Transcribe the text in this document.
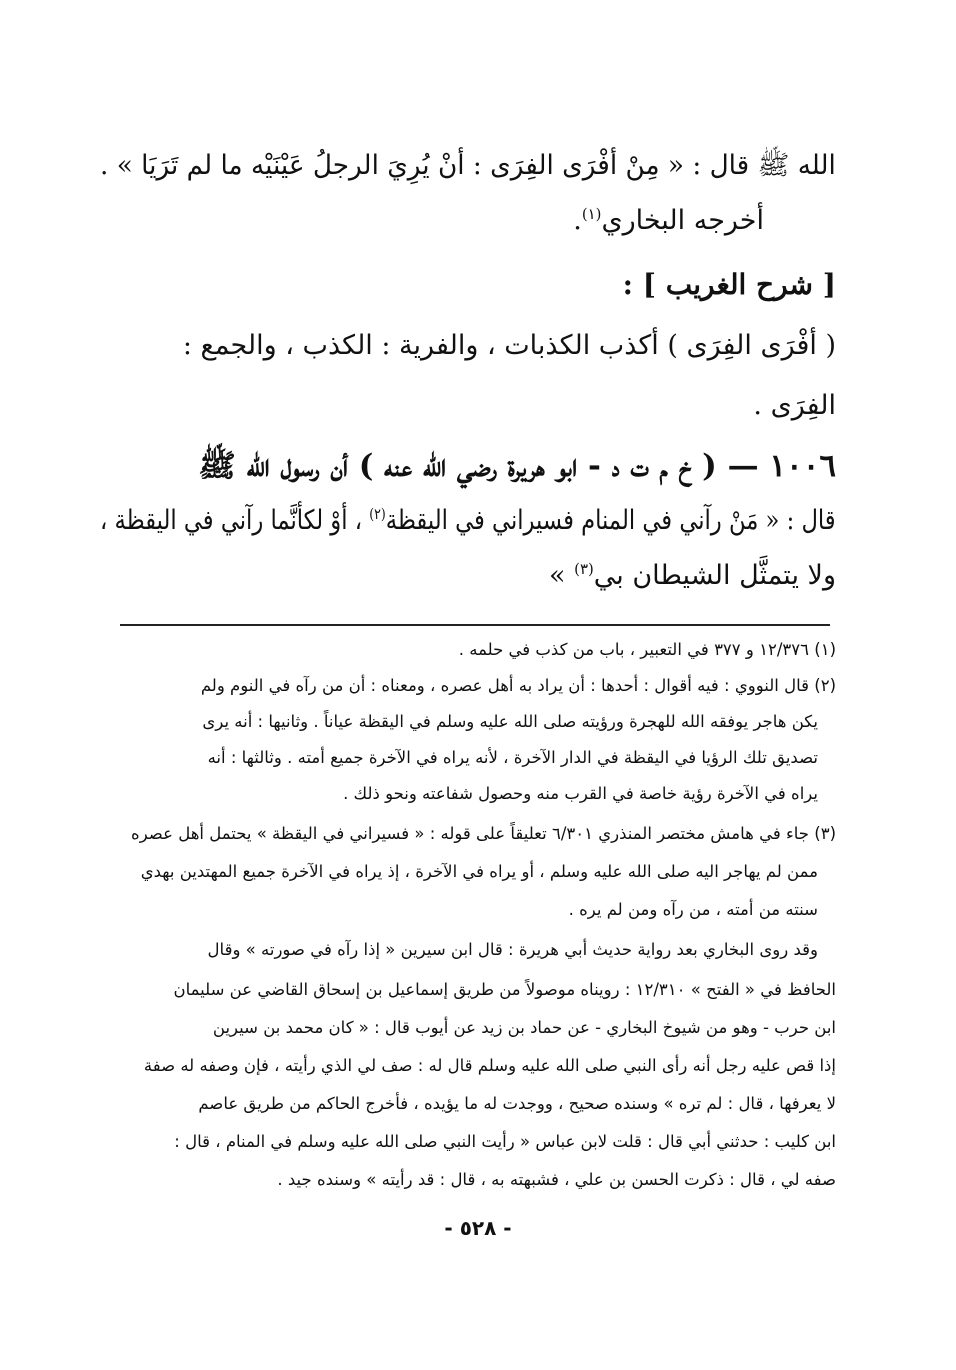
الله ﷺ قال : « مِنْ أفْرَى الفِرَى : أنْ يُرِيَ الرجلُ عَيْنَيْه ما لم تَرَيَا » .
أخرجه البخاري$^{(١)}$.
[ شرح الغريب ] :
( أفْرَى الفِرَى ) أكذب الكذبات ، والفرية : الكذب ، والجمع :
الفِرَى .
١٠٠٦ — ( خ م ت د - ابو هريرة رضي الله عنه ) أن رسول الله ﷺ
قال : « مَنْ رآني في المنام فسيراني في اليقظة$^{(٢)}$ ، أوْ لكأنَّما رآني في اليقظة ،
ولا يتمثَّل الشيطان بي$^{(٣)}$ »
(١) ١٢/٣٧٦ و ٣٧٧ في التعبير ، باب من كذب في حلمه .
(٢) قال النووي : فيه أقوال : أحدها : أن يراد به أهل عصره ، ومعناه : أن من رآه في النوم ولم
يكن هاجر يوفقه الله للهجرة ورؤيته صلى الله عليه وسلم في اليقظة عياناً . وثانيها : أنه يرى
تصديق تلك الرؤيا في اليقظة في الدار الآخرة ، لأنه يراه في الآخرة جميع أمته . وثالثها : أنه
يراه في الآخرة رؤية خاصة في القرب منه وحصول شفاعته ونحو ذلك .
(٣) جاء في هامش مختصر المنذري ٦/٣٠١ تعليقاً على قوله : « فسيراني في اليقظة » يحتمل أهل عصره
ممن لم يهاجر اليه صلى الله عليه وسلم ، أو يراه في الآخرة ، إذ يراه في الآخرة جميع المهتدين بهدي
سنته من أمته ، من رآه ومن لم يره .
وقد روى البخاري بعد رواية حديث أبي هريرة : قال ابن سيرين « إذا رآه في صورته » وقال
الحافظ في « الفتح » ١٢/٣١٠ : رويناه موصولاً من طريق إسماعيل بن إسحاق القاضي عن سليمان
ابن حرب - وهو من شيوخ البخاري - عن حماد بن زيد عن أيوب قال : « كان محمد بن سيرين
إذا قص عليه رجل أنه رأى النبي صلى الله عليه وسلم قال له : صف لي الذي رأيته ، فإن وصفه له صفة
لا يعرفها ، قال : لم تره » وسنده صحيح ، ووجدت له ما يؤيده ، فأخرج الحاكم من طريق عاصم
ابن كليب : حدثني أبي قال : قلت لابن عباس « رأيت النبي صلى الله عليه وسلم في المنام ، قال :
صفه لي ، قال : ذكرت الحسن بن علي ، فشبهته به ، قال : قد رأيته » وسنده جيد .
- ٥٢٨ -
